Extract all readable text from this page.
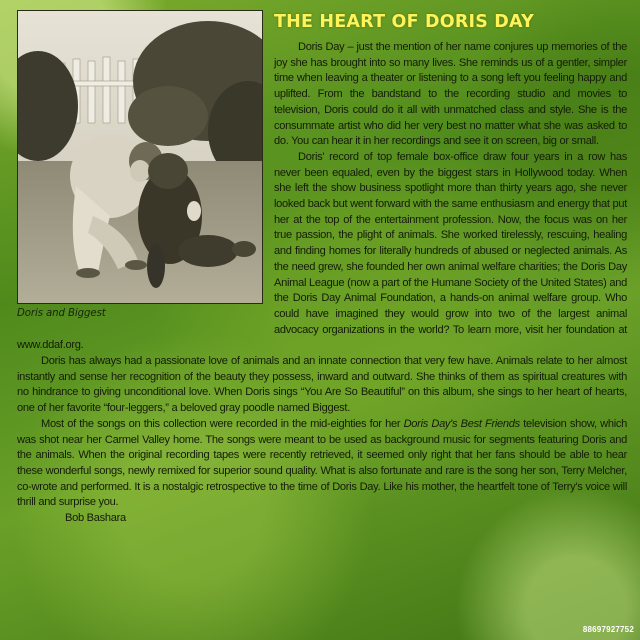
Doris and Biggest
THE HEART OF DORIS DAY

Doris Day – just the mention of her name conjures up memories of the joy she has brought into so many lives. She reminds us of a gentler, simpler time when leaving a theater or listening to a song left you feeling happy and uplifted. From the bandstand to the recording studio and movies to television, Doris could do it all with unmatched class and style. She is the consummate artist who did her very best no matter what she was asked to do. You can hear it in her recordings and see it on screen, big or small.

Doris' record of top female box-office draw four years in a row has never been equaled, even by the biggest stars in Hollywood today. When she left the show business spotlight more than thirty years ago, she never looked back but went forward with the same enthusiasm and energy that put her at the top of the entertainment profession. Now, the focus was on her true passion, the plight of animals. She worked tirelessly, rescuing, healing and finding homes for literally hundreds of abused or neglected animals. As the need grew, she founded her own animal welfare charities; the Doris Day Animal League (now a part of the Humane Society of the United States) and the Doris Day Animal Foundation, a hands-on animal welfare group. Who could have imagined they would grow into two of the largest animal advocacy organizations in the world? To learn more, visit her foundation at www.ddaf.org.

Doris has always had a passionate love of animals and an innate connection that very few have. Animals relate to her almost instantly and sense her recognition of the beauty they possess, inward and outward. She thinks of them as spiritual creatures with no hindrance to giving unconditional love. When Doris sings “You Are So Beautiful” on this album, she sings to her heart of hearts, one of her favorite “four-leggers,” a beloved gray poodle named Biggest.

Most of the songs on this collection were recorded in the mid-eighties for her Doris Day's Best Friends television show, which was shot near her Carmel Valley home. The songs were meant to be used as background music for segments featuring Doris and the animals. When the original recording tapes were recently retrieved, it seemed only right that her fans should be able to hear these wonderful songs, newly remixed for superior sound quality. What is also fortunate and rare is the song her son, Terry Melcher, co-wrote and performed. It is a nostalgic retrospective to the time of Doris Day. Like his mother, the heartfelt tone of Terry's voice will thrill and surprise you.

Bob Bashara

88697927752
